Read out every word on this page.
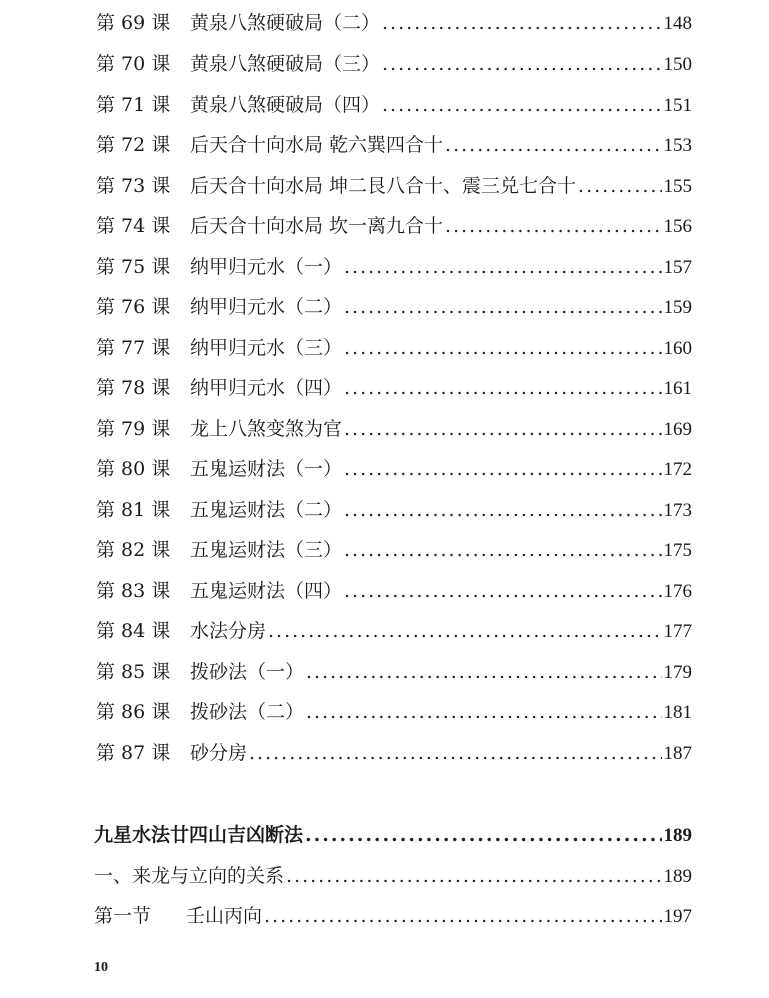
第 69 课	黄泉八煞硬破局（二） .....	148
第 70 课	黄泉八煞硬破局（三） .....	150
第 71 课	黄泉八煞硬破局（四） .....	151
第 72 课	后天合十向水局 乾六巽四合十 .....	153
第 73 课	后天合十向水局 坤二艮八合十、震三兑七合十 .....	155
第 74 课	后天合十向水局 坎一离九合十 .....	156
第 75 课	纳甲归元水（一） .....	157
第 76 课	纳甲归元水（二） .....	159
第 77 课	纳甲归元水（三） .....	160
第 78 课	纳甲归元水（四） .....	161
第 79 课	龙上八煞变煞为官 .....	169
第 80 课	五鬼运财法（一） .....	172
第 81 课	五鬼运财法（二） .....	173
第 82 课	五鬼运财法（三） .....	175
第 83 课	五鬼运财法（四） .....	176
第 84 课	水法分房 .....	177
第 85 课	拨砂法（一） .....	179
第 86 课	拨砂法（二） .....	181
第 87 课	砂分房 .....	187
九星水法廿四山吉凶断法 .....	189
一、来龙与立向的关系 .....	189
第一节	壬山丙向 .....	197
10
